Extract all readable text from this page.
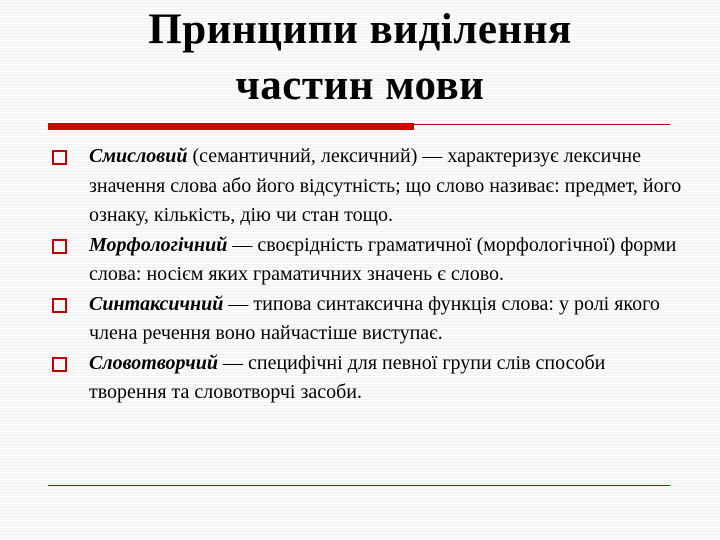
Принципи виділення
частин мови
Смисловий (семантичний, лексичний) — характеризує лексичне значення слова або його відсутність; що слово називає: предмет, його ознаку, кількість, дію чи стан тощо.
Морфологічний — своєрідність граматичної (морфологічної) форми слова: носієм яких граматичних значень є слово.
Синтаксичний — типова синтаксична функція слова: у ролі якого члена речення воно найчастіше виступає.
Словотворчий — специфічні для певної групи слів способи творення та словотворчі засоби.
